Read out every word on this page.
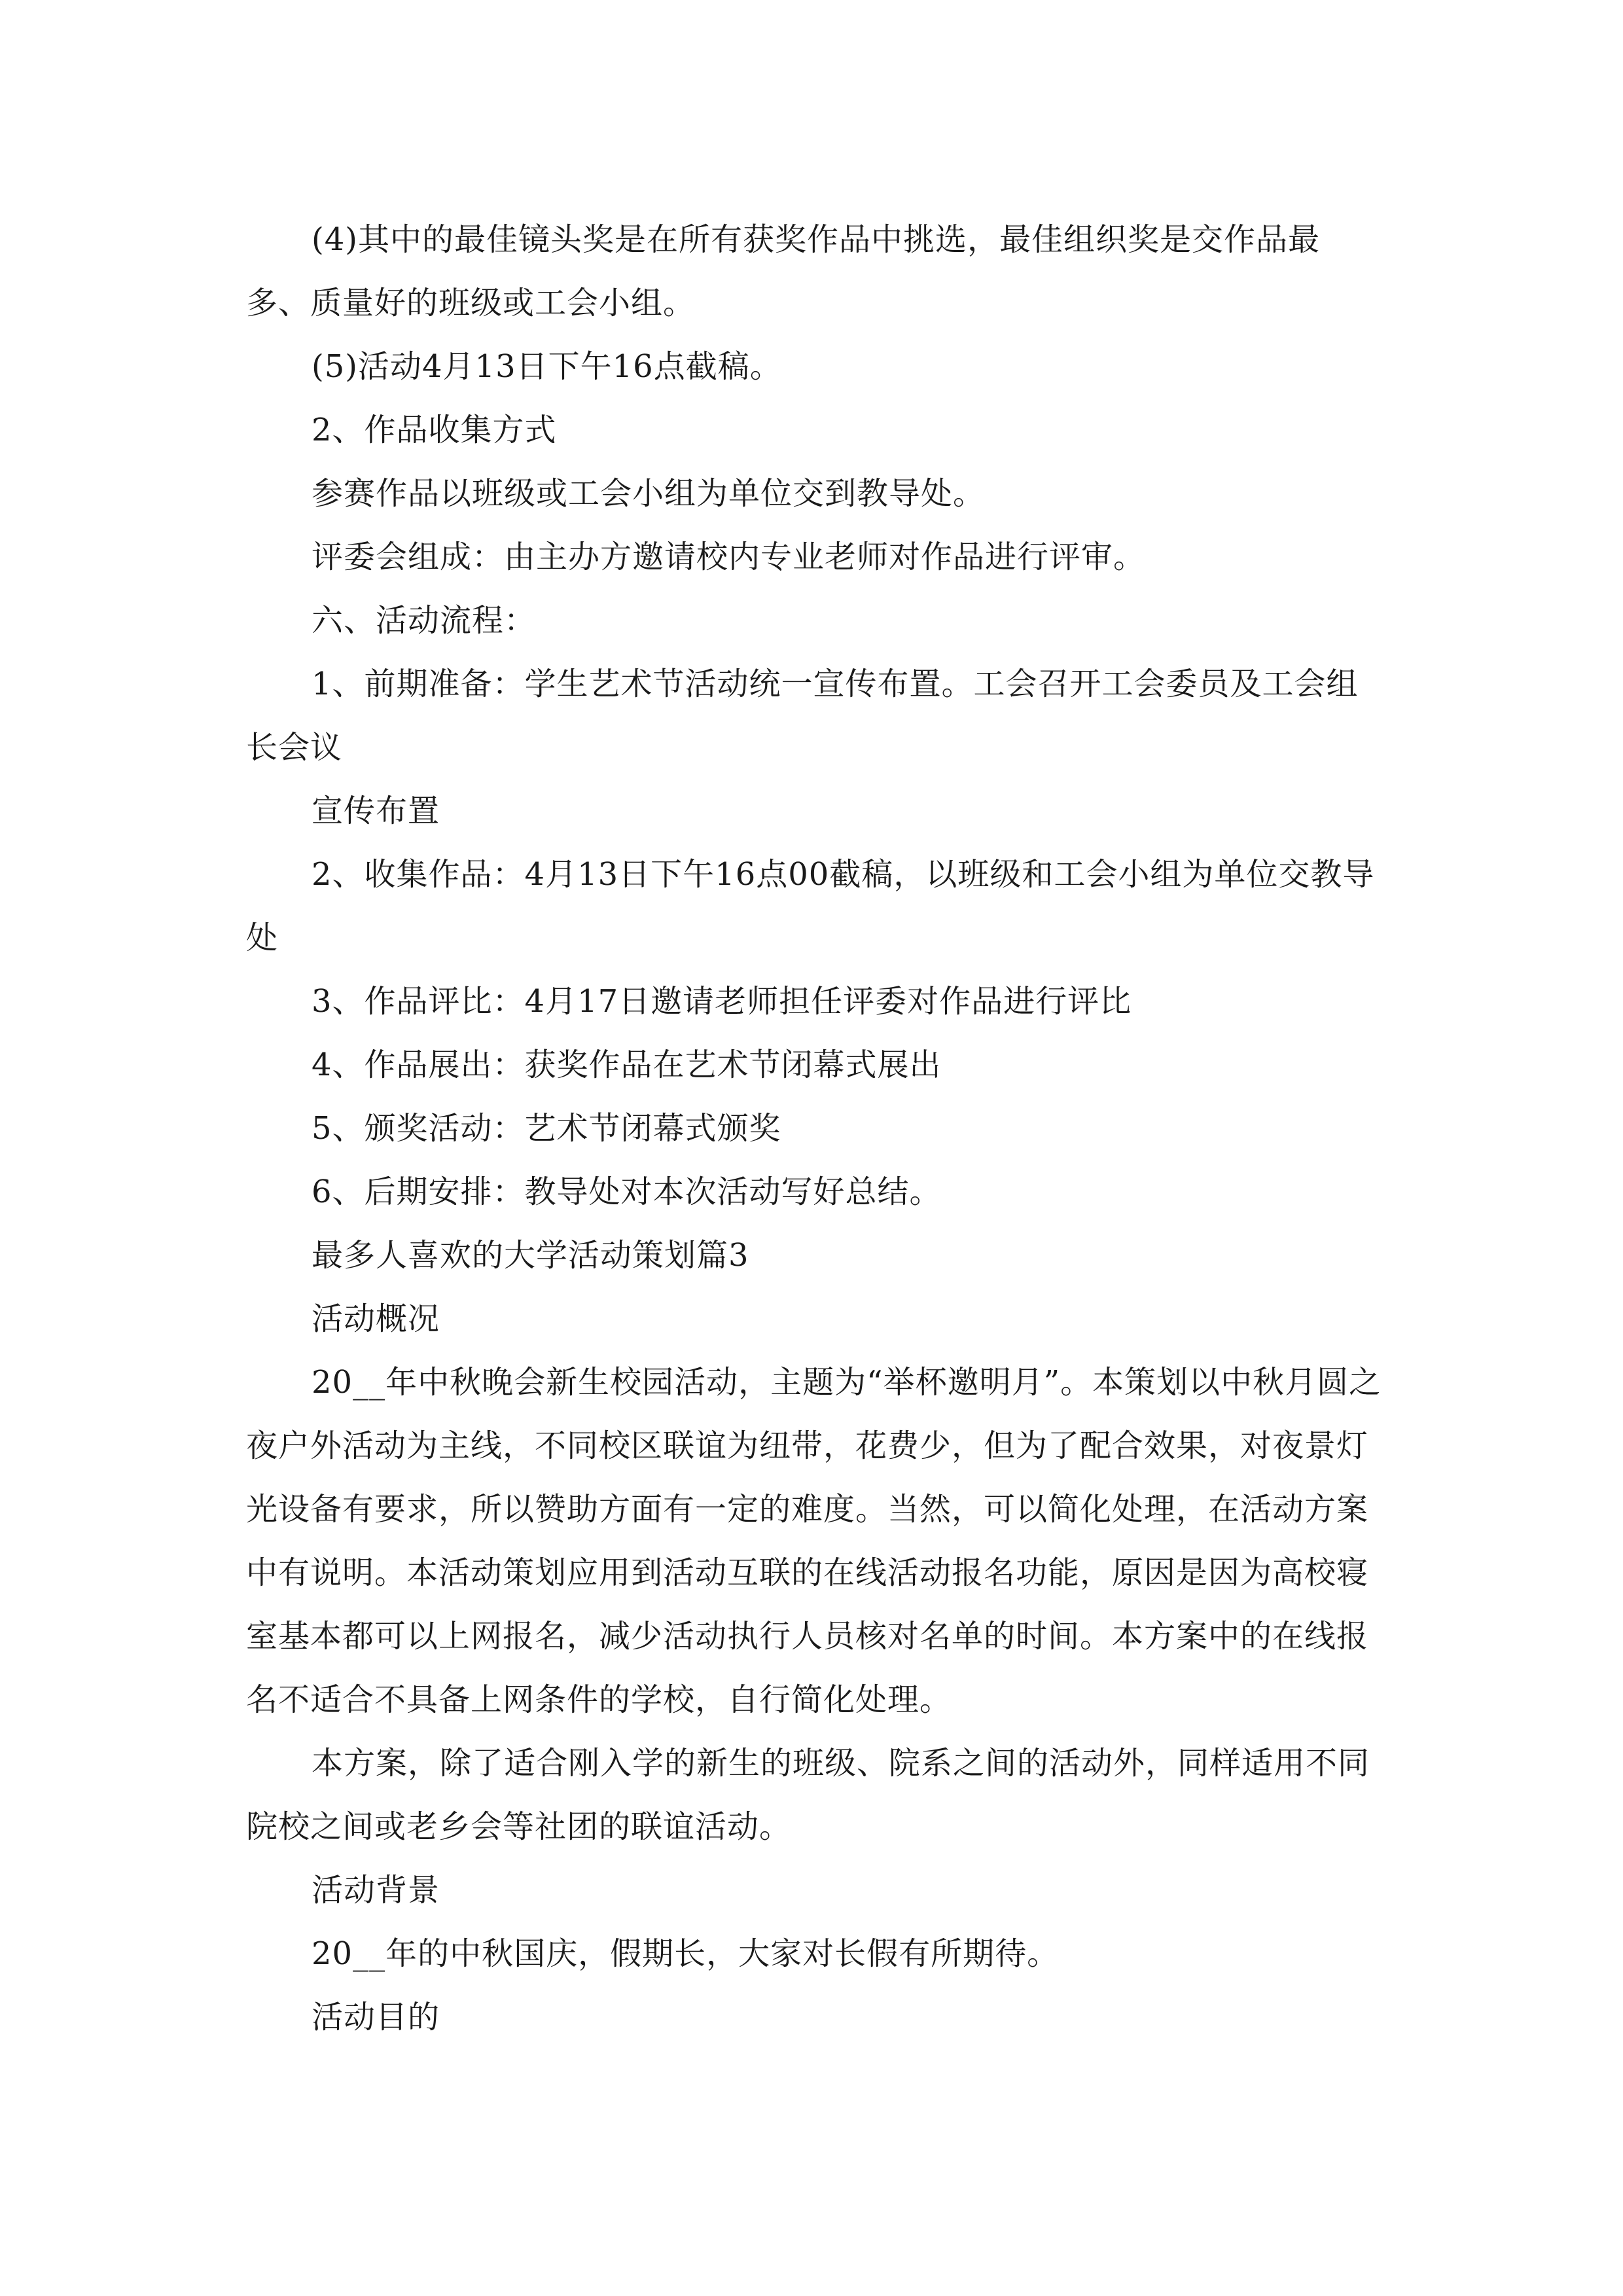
(4)其中的最佳镜头奖是在所有获奖作品中挑选，最佳组织奖是交作品最多、质量好的班级或工会小组。

(5)活动4月13日下午16点截稿。

2、作品收集方式

参赛作品以班级或工会小组为单位交到教导处。

评委会组成：由主办方邀请校内专业老师对作品进行评审。

六、活动流程：

1、前期准备：学生艺术节活动统一宣传布置。工会召开工会委员及工会组长会议

宣传布置

2、收集作品：4月13日下午16点00截稿，以班级和工会小组为单位交教导处

3、作品评比：4月17日邀请老师担任评委对作品进行评比

4、作品展出：获奖作品在艺术节闭幕式展出

5、颁奖活动：艺术节闭幕式颁奖

6、后期安排：教导处对本次活动写好总结。

最多人喜欢的大学活动策划篇3

活动概况

20__年中秋晚会新生校园活动，主题为“举杯邀明月”。本策划以中秋月圆之夜户外活动为主线，不同校区联谊为纽带，花费少，但为了配合效果，对夜景灯光设备有要求，所以赞助方面有一定的难度。当然，可以简化处理，在活动方案中有说明。本活动策划应用到活动互联的在线活动报名功能，原因是因为高校寝室基本都可以上网报名，减少活动执行人员核对名单的时间。本方案中的在线报名不适合不具备上网条件的学校，自行简化处理。

本方案，除了适合刚入学的新生的班级、院系之间的活动外，同样适用不同院校之间或老乡会等社团的联谊活动。

活动背景

20__年的中秋国庆，假期长，大家对长假有所期待。

活动目的
